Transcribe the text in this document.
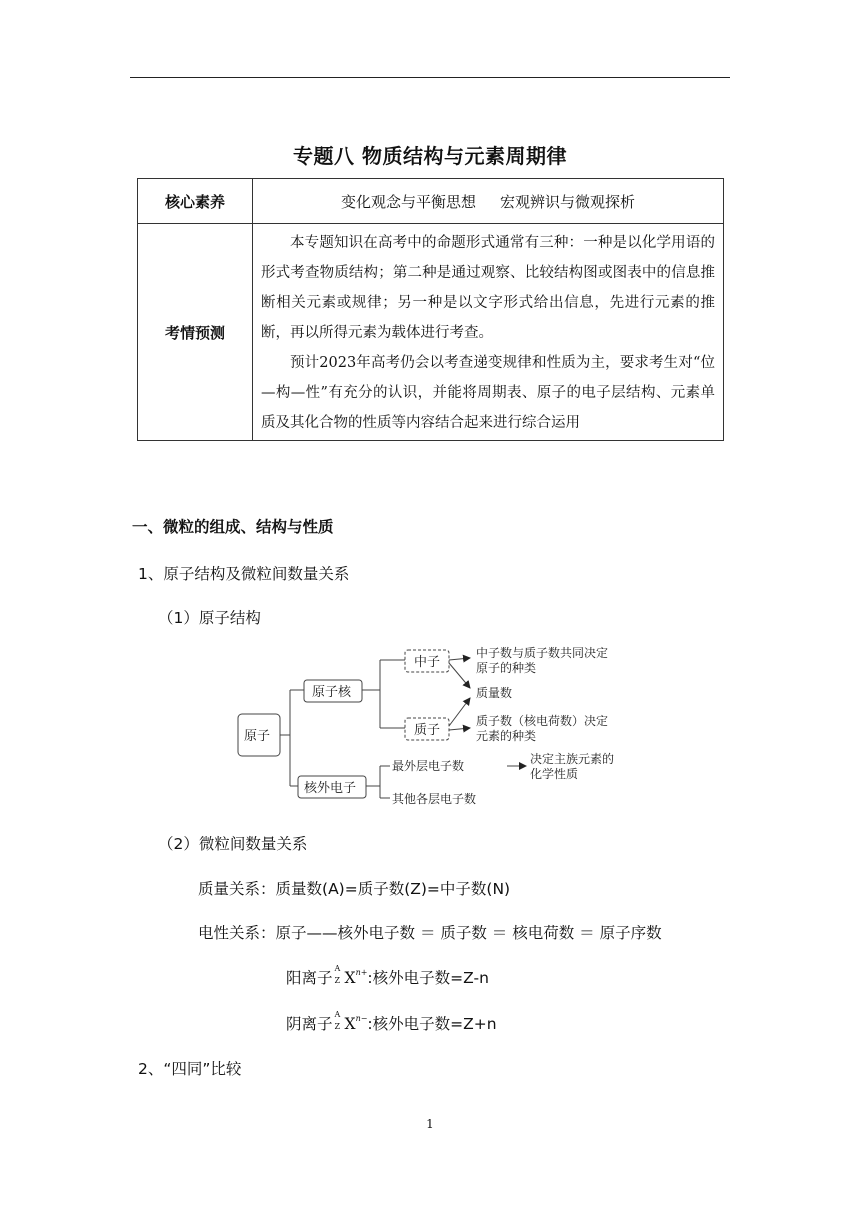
专题八 物质结构与元素周期律
核心素养	变化观念与平衡思想 宏观辨识与微观探析
考情预测	本专题知识在高考中的命题形式通常有三种：一种是以化学用语的形式考查物质结构；第二种是通过观察、比较结构图或图表中的信息推断相关元素或规律；另一种是以文字形式给出信息，先进行元素的推断，再以所得元素为载体进行考查。

预计2023年高考仍会以考查递变规律和性质为主，要求考生对“位—构—性”有充分的认识，并能将周期表、原子的电子层结构、元素单质及其化合物的性质等内容结合起来进行综合运用

一、微粒的组成、结构与性质
1、原子结构及微粒间数量关系
（1）原子结构
原子
原子核
中子
质子
核外电子
中子数与质子数共同决定
原子的种类
质量数
质子数（核电荷数）决定
元素的种类
最外层电子数	决定主族元素的
化学性质
其他各层电子数
（2）微粒间数量关系
质量关系：质量数(A)=质子数(Z)=中子数(N)
电性关系：原子——核外电子数 ＝ 质子数 ＝ 核电荷数 ＝ 原子序数
阳离子
A
Z $X^{n+}$:核外电子数=Z-n
阴离子
A
Z $X^{n-}$:核外电子数=Z+n
2、“四同”比较
1
